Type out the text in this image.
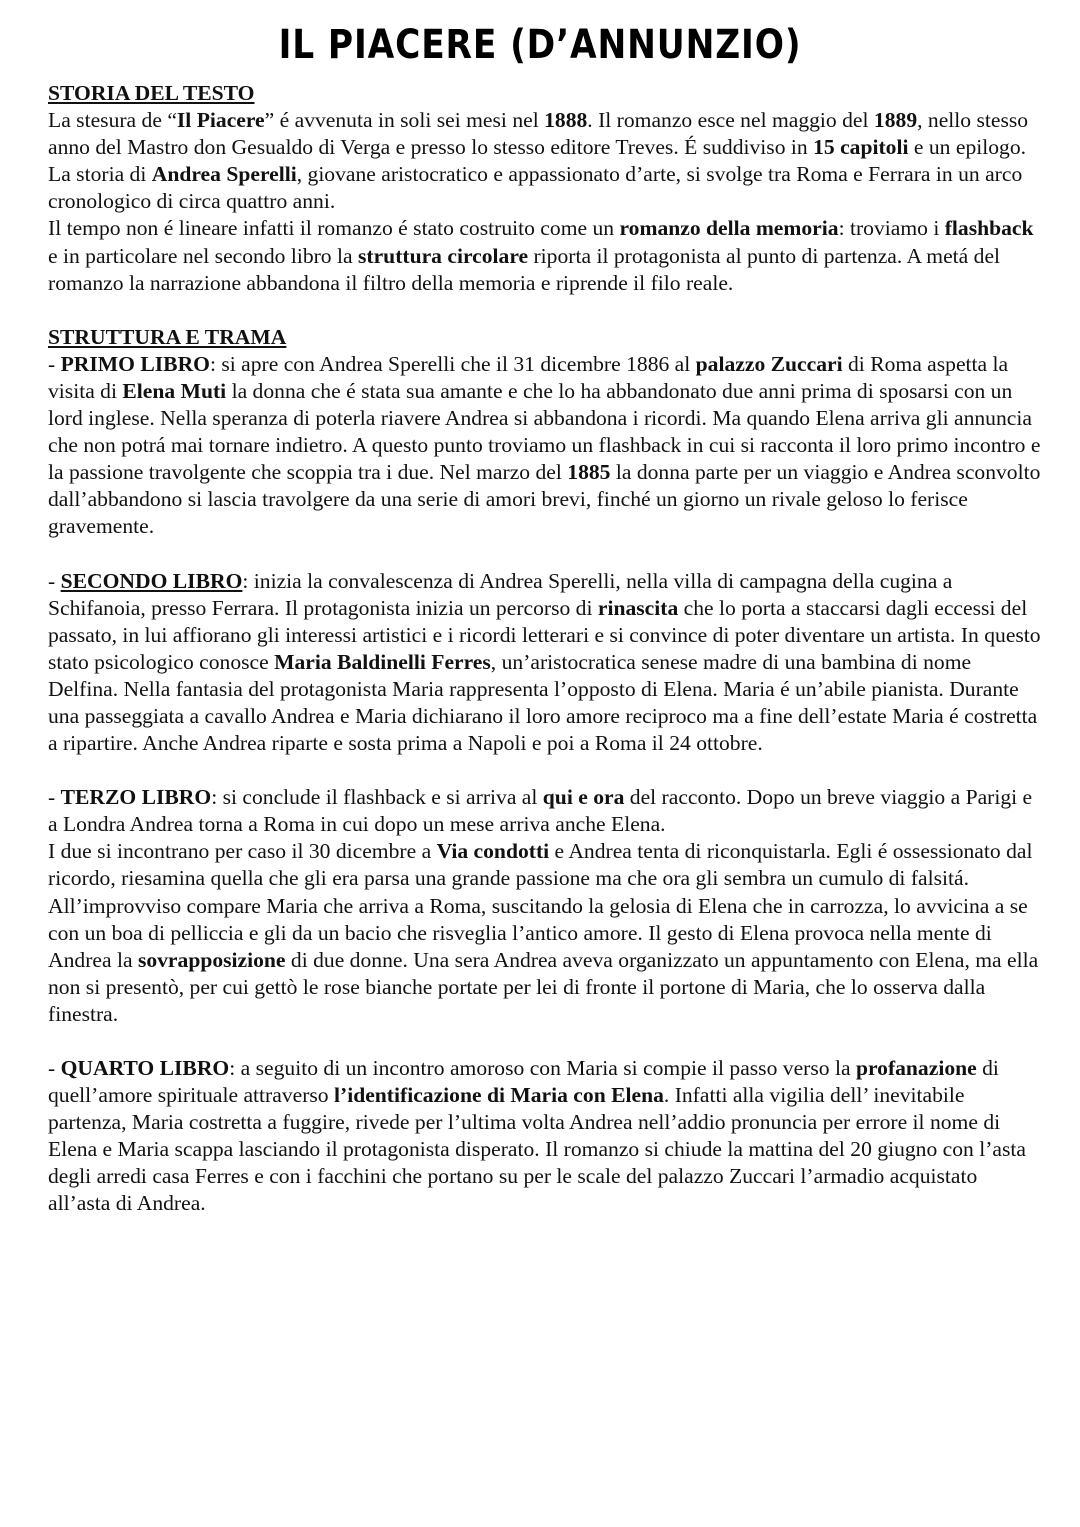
IL PIACERE (D’ANNUNZIO)
STORIA DEL TESTO

La stesura de “Il Piacere” é avvenuta in soli sei mesi nel 1888. Il romanzo esce nel maggio del 1889, nello stesso anno del Mastro don Gesualdo di Verga e presso lo stesso editore Treves. É suddiviso in 15 capitoli e un epilogo. La storia di Andrea Sperelli, giovane aristocratico e appassionato d’arte, si svolge tra Roma e Ferrara in un arco cronologico di circa quattro anni.

Il tempo non é lineare infatti il romanzo é stato costruito come un romanzo della memoria: troviamo i flashback e in particolare nel secondo libro la struttura circolare riporta il protagonista al punto di partenza. A metá del romanzo la narrazione abbandona il filtro della memoria e riprende il filo reale.

STRUTTURA E TRAMA

- PRIMO LIBRO: si apre con Andrea Sperelli che il 31 dicembre 1886 al palazzo Zuccari di Roma aspetta la visita di Elena Muti la donna che é stata sua amante e che lo ha abbandonato due anni prima di sposarsi con un lord inglese. Nella speranza di poterla riavere Andrea si abbandona i ricordi. Ma quando Elena arriva gli annuncia che non potrá mai tornare indietro. A questo punto troviamo un flashback in cui si racconta il loro primo incontro e la passione travolgente che scoppia tra i due. Nel marzo del 1885 la donna parte per un viaggio e Andrea sconvolto dall’abbandono si lascia travolgere da una serie di amori brevi, finché un giorno un rivale geloso lo ferisce gravemente.

- SECONDO LIBRO: inizia la convalescenza di Andrea Sperelli, nella villa di campagna della cugina a Schifanoia, presso Ferrara. Il protagonista inizia un percorso di rinascita che lo porta a staccarsi dagli eccessi del passato, in lui affiorano gli interessi artistici e i ricordi letterari e si convince di poter diventare un artista. In questo stato psicologico conosce Maria Baldinelli Ferres, un’aristocratica senese madre di una bambina di nome Delfina. Nella fantasia del protagonista Maria rappresenta l’opposto di Elena. Maria é un’abile pianista. Durante una passeggiata a cavallo Andrea e Maria dichiarano il loro amore reciproco ma a fine dell’estate Maria é costretta a ripartire. Anche Andrea riparte e sosta prima a Napoli e poi a Roma il 24 ottobre.

- TERZO LIBRO: si conclude il flashback e si arriva al qui e ora del racconto. Dopo un breve viaggio a Parigi e a Londra Andrea torna a Roma in cui dopo un mese arriva anche Elena.

I due si incontrano per caso il 30 dicembre a Via condotti e Andrea tenta di riconquistarla. Egli é ossessionato dal ricordo, riesamina quella che gli era parsa una grande passione ma che ora gli sembra un cumulo di falsitá. All’improvviso compare Maria che arriva a Roma, suscitando la gelosia di Elena che in carrozza, lo avvicina a se con un boa di pelliccia e gli da un bacio che risveglia l’antico amore. Il gesto di Elena provoca nella mente di Andrea la sovrapposizione di due donne. Una sera Andrea aveva organizzato un appuntamento con Elena, ma ella non si presentò, per cui gettò le rose bianche portate per lei di fronte il portone di Maria, che lo osserva dalla finestra.

- QUARTO LIBRO: a seguito di un incontro amoroso con Maria si compie il passo verso la profanazione di quell’amore spirituale attraverso l’identificazione di Maria con Elena. Infatti alla vigilia dell’ inevitabile partenza, Maria costretta a fuggire, rivede per l’ultima volta Andrea nell’addio pronuncia per errore il nome di Elena e Maria scappa lasciando il protagonista disperato. Il romanzo si chiude la mattina del 20 giugno con l’asta degli arredi casa Ferres e con i facchini che portano su per le scale del palazzo Zuccari l’armadio acquistato all’asta di Andrea.
